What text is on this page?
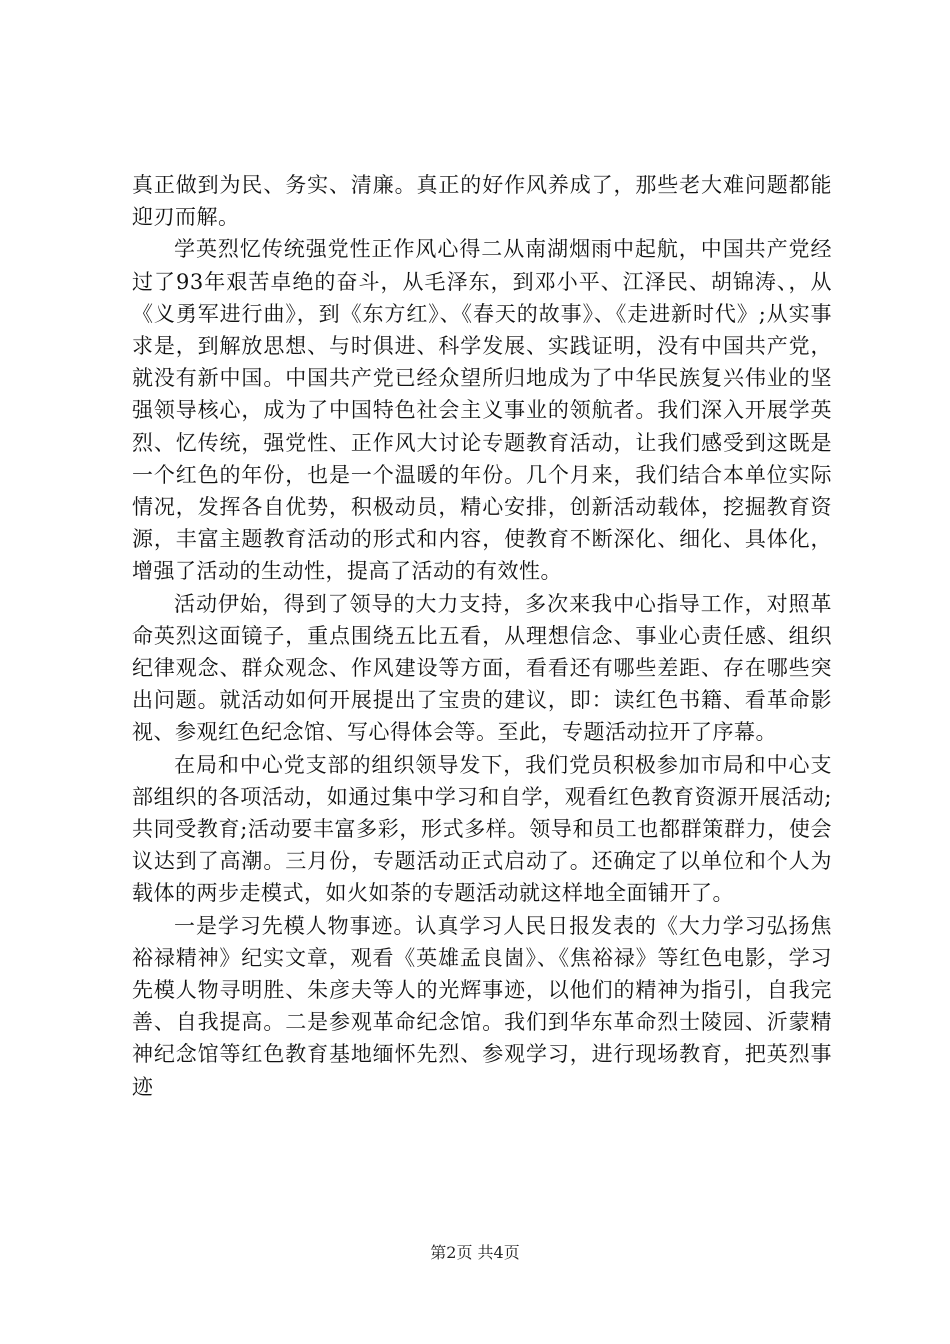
真正做到为民、务实、清廉。真正的好作风养成了，那些老大难问题都能迎刃而解。

学英烈忆传统强党性正作风心得二从南湖烟雨中起航，中国共产党经过了93年艰苦卓绝的奋斗，从毛泽东，到邓小平、江泽民、胡锦涛、，从《义勇军进行曲》，到《东方红》、《春天的故事》、《走进新时代》;从实事求是，到解放思想、与时俱进、科学发展、实践证明，没有中国共产党，就没有新中国。中国共产党已经众望所归地成为了中华民族复兴伟业的坚强领导核心，成为了中国特色社会主义事业的领航者。我们深入开展学英烈、忆传统，强党性、正作风大讨论专题教育活动，让我们感受到这既是一个红色的年份，也是一个温暖的年份。几个月来，我们结合本单位实际情况，发挥各自优势，积极动员，精心安排，创新活动载体，挖掘教育资源，丰富主题教育活动的形式和内容，使教育不断深化、细化、具体化，增强了活动的生动性，提高了活动的有效性。

活动伊始，得到了领导的大力支持，多次来我中心指导工作，对照革命英烈这面镜子，重点围绕五比五看，从理想信念、事业心责任感、组织纪律观念、群众观念、作风建设等方面，看看还有哪些差距、存在哪些突出问题。就活动如何开展提出了宝贵的建议，即：读红色书籍、看革命影视、参观红色纪念馆、写心得体会等。至此，专题活动拉开了序幕。

在局和中心党支部的组织领导发下，我们党员积极参加市局和中心支部组织的各项活动，如通过集中学习和自学，观看红色教育资源开展活动;共同受教育;活动要丰富多彩，形式多样。领导和员工也都群策群力，使会议达到了高潮。三月份，专题活动正式启动了。还确定了以单位和个人为载体的两步走模式，如火如荼的专题活动就这样地全面铺开了。

一是学习先模人物事迹。认真学习人民日报发表的《大力学习弘扬焦裕禄精神》纪实文章，观看《英雄孟良崮》、《焦裕禄》等红色电影，学习先模人物寻明胜、朱彦夫等人的光辉事迹，以他们的精神为指引，自我完善、自我提高。二是参观革命纪念馆。我们到华东革命烈士陵园、沂蒙精神纪念馆等红色教育基地缅怀先烈、参观学习，进行现场教育，把英烈事迹

第2页 共4页
